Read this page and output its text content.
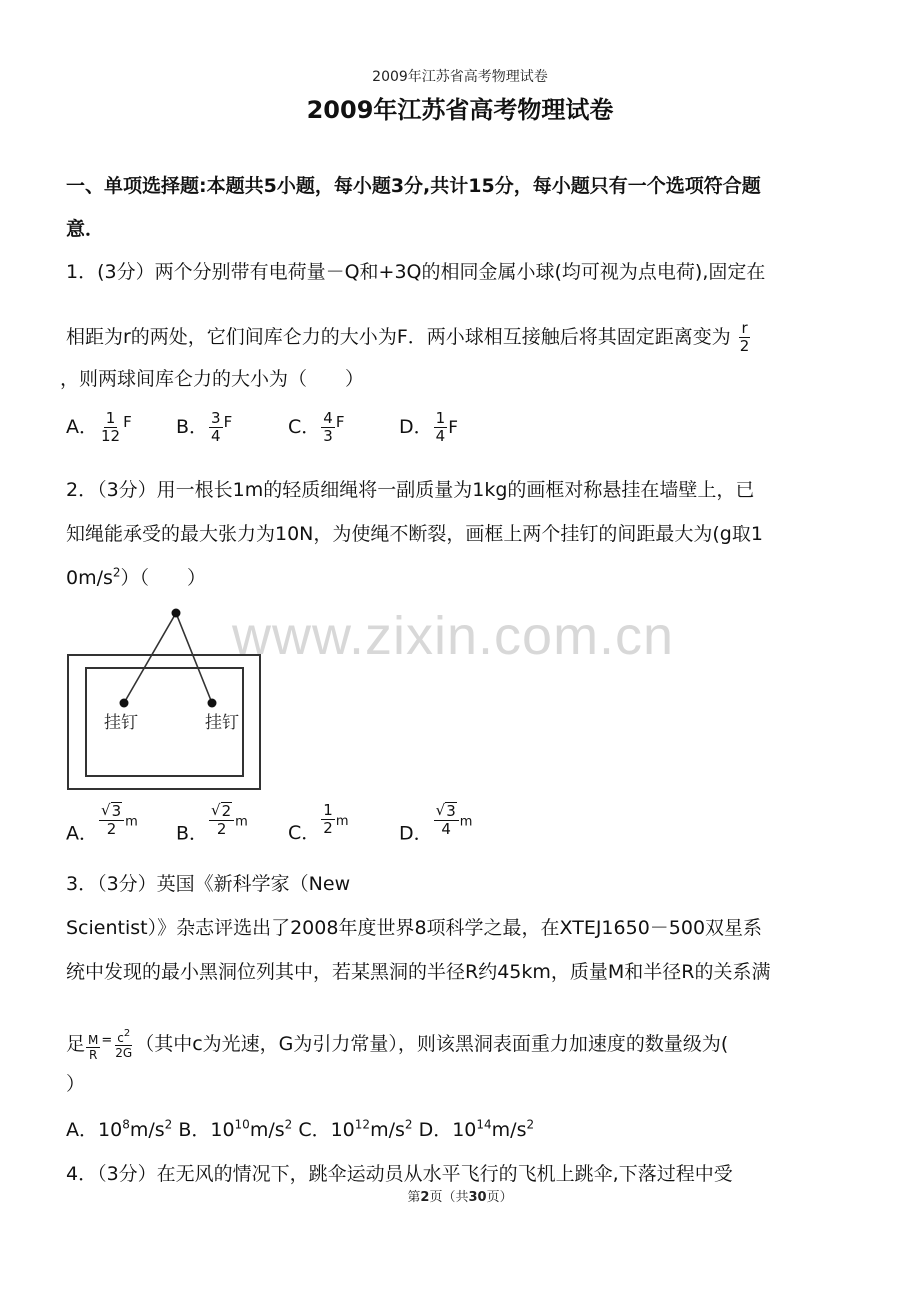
2009年江苏省高考物理试卷
2009年江苏省高考物理试卷
一、单项选择题:本题共5小题，每小题3分,共计15分，每小题只有一个选项符合题
意．
1．(3分）两个分别带有电荷量－Q和+3Q的相同金属小球(均可视为点电荷),固定在
相距为r的两处，它们间库仑力的大小为F．两小球相互接触后将其固定距离变为 $\frac{r}{2}$
，则两球间库仑力的大小为（　　）
A． $\frac{1}{12} ^F$ B． $\frac{3}{4} ^F$	C． $\frac{4}{3} ^F$	D． $\frac{1}{4}$ F
2．（3分）用一根长1m的轻质细绳将一副质量为1kg的画框对称悬挂在墙壁上，已
知绳能承受的最大张力为10N，为使绳不断裂，画框上两个挂钉的间距最大为(g取1
$0m/s^2$）（　　）
挂钉	挂钉
A． $\frac{√ 3}{2}$ m
B． $\frac{√ 2}{2}$ m C． $\frac{1}{2}$ m
D． $\frac{√ 3}{4}$ m
3．（3分）英国《新科学家（New
Scientist）》杂志评选出了2008年度世界8项科学之最，在XTEJ1650－500双星系
统中发现的最小黑洞位列其中，若某黑洞的半径R约45km，质量M和半径R的关系满
足 $\frac{M}{R} ^= \frac{c^2}{2G}$ （其中c为光速，G为引力常量），则该黑洞表面重力加速度的数量级为(
）
A．$10^8m/s^2$ B．$10^{10}m/s^2$ C．$10^{12}m/s^2$ D．$10^{14}m/s^2$
4．（3分）在无风的情况下，跳伞运动员从水平飞行的飞机上跳伞,下落过程中受
www.zixin.com.cn
第2页（共30页）
